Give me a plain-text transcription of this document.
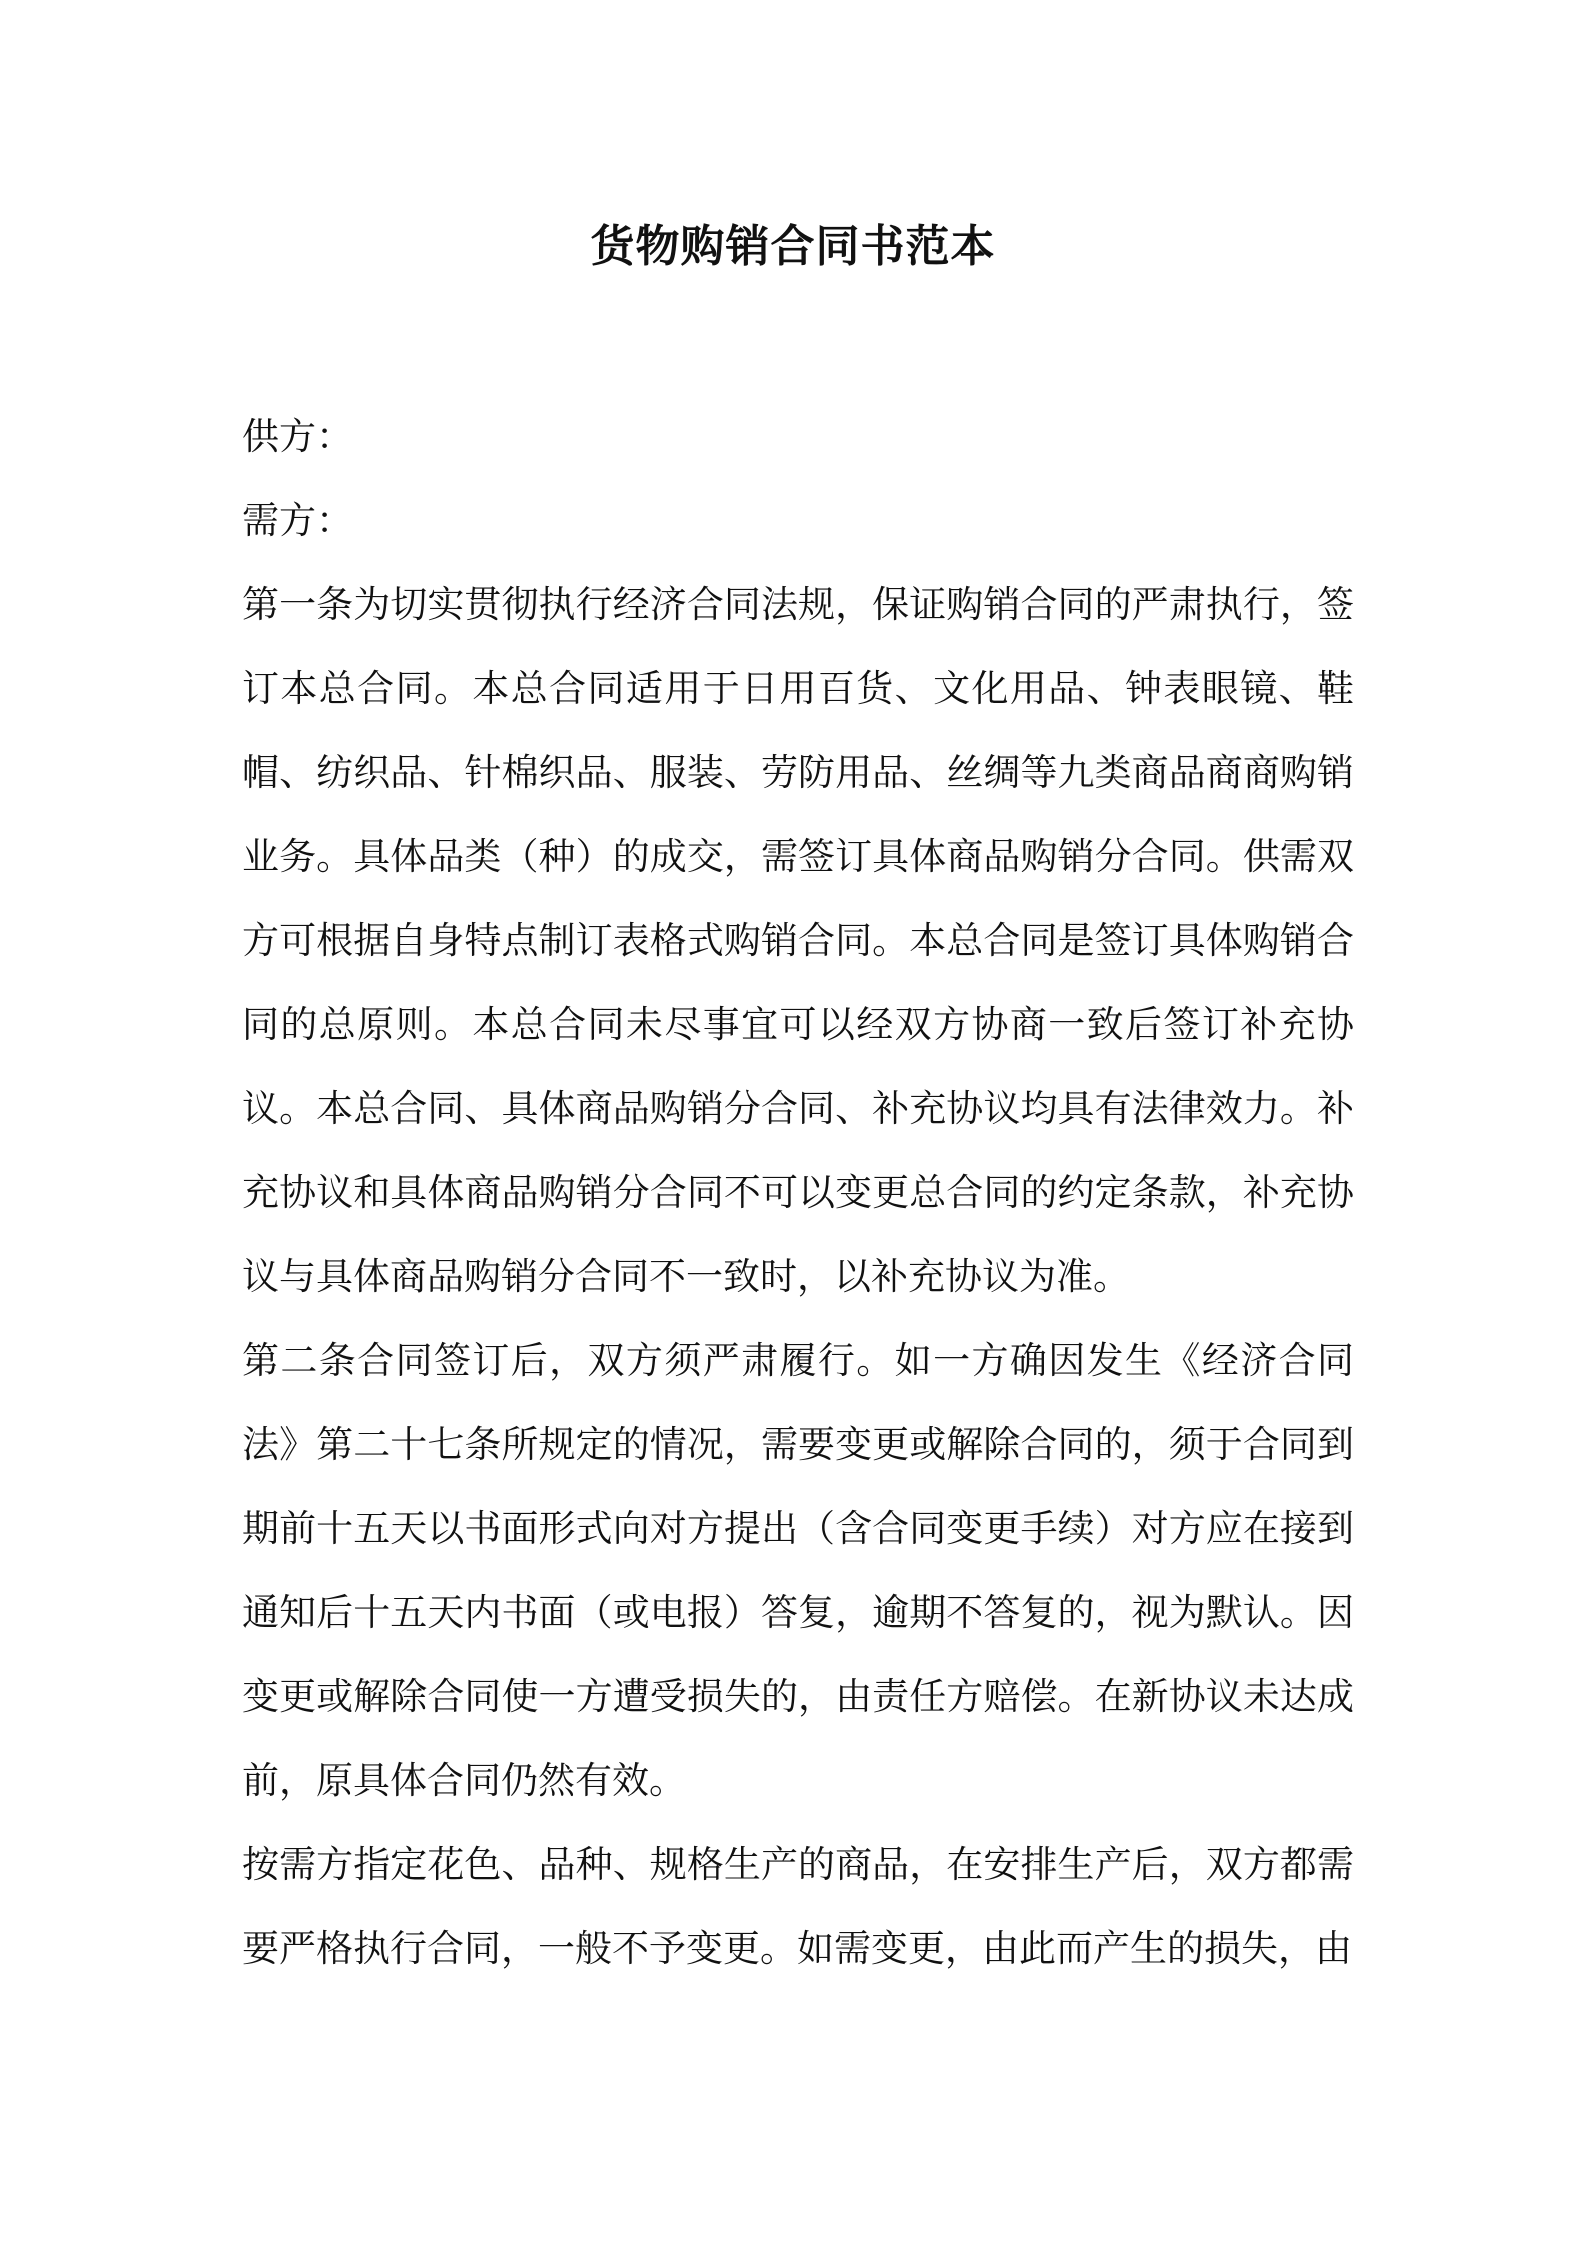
货物购销合同书范本

供方：

需方：

第一条为切实贯彻执行经济合同法规，保证购销合同的严肃执行，签订本总合同。本总合同适用于日用百货、文化用品、钟表眼镜、鞋帽、纺织品、针棉织品、服装、劳防用品、丝绸等九类商品商商购销业务。具体品类（种）的成交，需签订具体商品购销分合同。供需双方可根据自身特点制订表格式购销合同。本总合同是签订具体购销合同的总原则。本总合同未尽事宜可以经双方协商一致后签订补充协议。本总合同、具体商品购销分合同、补充协议均具有法律效力。补充协议和具体商品购销分合同不可以变更总合同的约定条款，补充协议与具体商品购销分合同不一致时，以补充协议为准。

第二条合同签订后，双方须严肃履行。如一方确因发生《经济合同法》第二十七条所规定的情况，需要变更或解除合同的，须于合同到期前十五天以书面形式向对方提出（含合同变更手续）对方应在接到通知后十五天内书面（或电报）答复，逾期不答复的，视为默认。因变更或解除合同使一方遭受损失的，由责任方赔偿。在新协议未达成前，原具体合同仍然有效。

按需方指定花色、品种、规格生产的商品，在安排生产后，双方都需要严格执行合同，一般不予变更。如需变更，由此而产生的损失，由
